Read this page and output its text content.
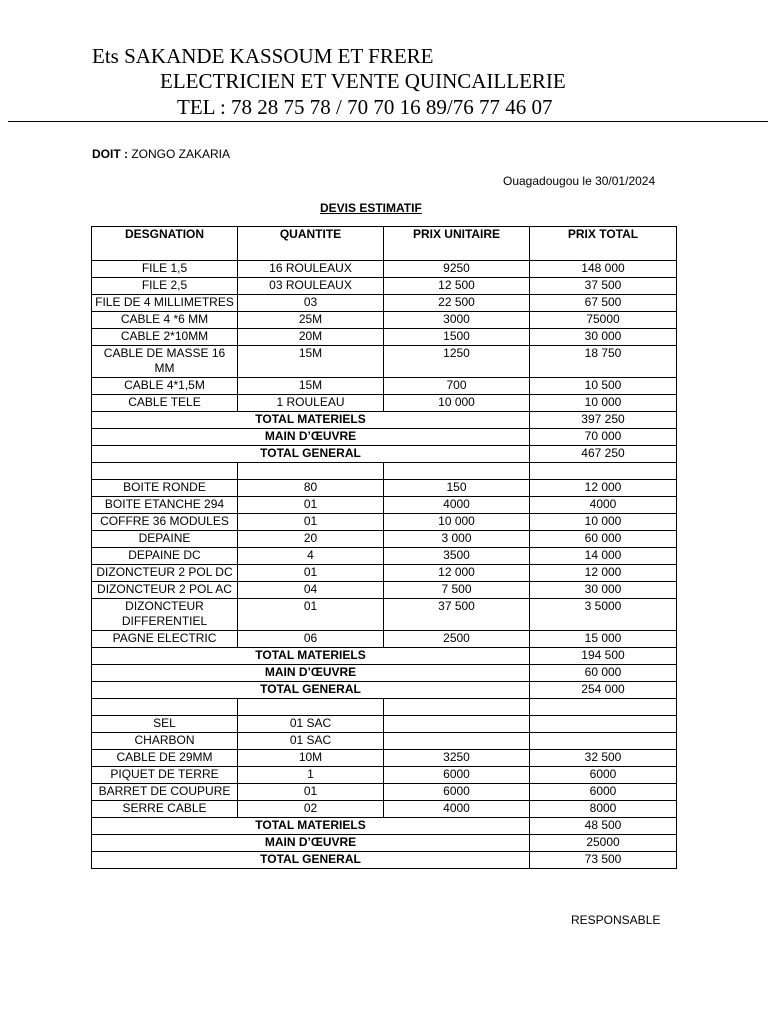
Ets SAKANDE KASSOUM ET FRERE
ELECTRICIEN ET VENTE QUINCAILLERIE
TEL : 78 28 75 78 / 70 70 16 89/76 77 46 07
DOIT : ZONGO ZAKARIA
Ouagadougou le 30/01/2024
DEVIS ESTIMATIF
DESGNATION	QUANTITE	PRIX UNITAIRE	PRIX TOTAL
FILE 1,5	16 ROULEAUX	9250	148 000
FILE 2,5	03 ROULEAUX	12 500	37 500
FILE DE 4 MILLIMETRES	03	22 500	67 500
CABLE 4 *6 MM	25M	3000	75000
CABLE 2*10MM	20M	1500	30 000
CABLE DE MASSE 16 MM	15M	1250	18 750
CABLE 4*1,5M	15M	700	10 500
CABLE TELE	1 ROULEAU	10 000	10 000
TOTAL MATERIELS			397 250
MAIN D’ŒUVRE			70 000
TOTAL GENERAL			467 250

BOITE RONDE	80	150	12 000
BOITE ETANCHE 294	01	4000	4000
COFFRE 36 MODULES	01	10 000	10 000
DEPAINE	20	3 000	60 000
DEPAINE DC	4	3500	14 000
DIZONCTEUR 2 POL DC	01	12 000	12 000
DIZONCTEUR 2 POL AC	04	7 500	30 000
DIZONCTEUR DIFFERENTIEL	01	37 500	3 5000
PAGNE ELECTRIC	06	2500	15 000
TOTAL MATERIELS			194 500
MAIN D’ŒUVRE			60 000
TOTAL GENERAL			254 000

SEL	01 SAC		
CHARBON	01 SAC		
CABLE DE 29MM	10M	3250	32 500
PIQUET DE TERRE	1	6000	6000
BARRET DE COUPURE	01	6000	6000
SERRE CABLE	02	4000	8000
TOTAL MATERIELS			48 500
MAIN D’ŒUVRE			25000
TOTAL GENERAL			73 500
RESPONSABLE
